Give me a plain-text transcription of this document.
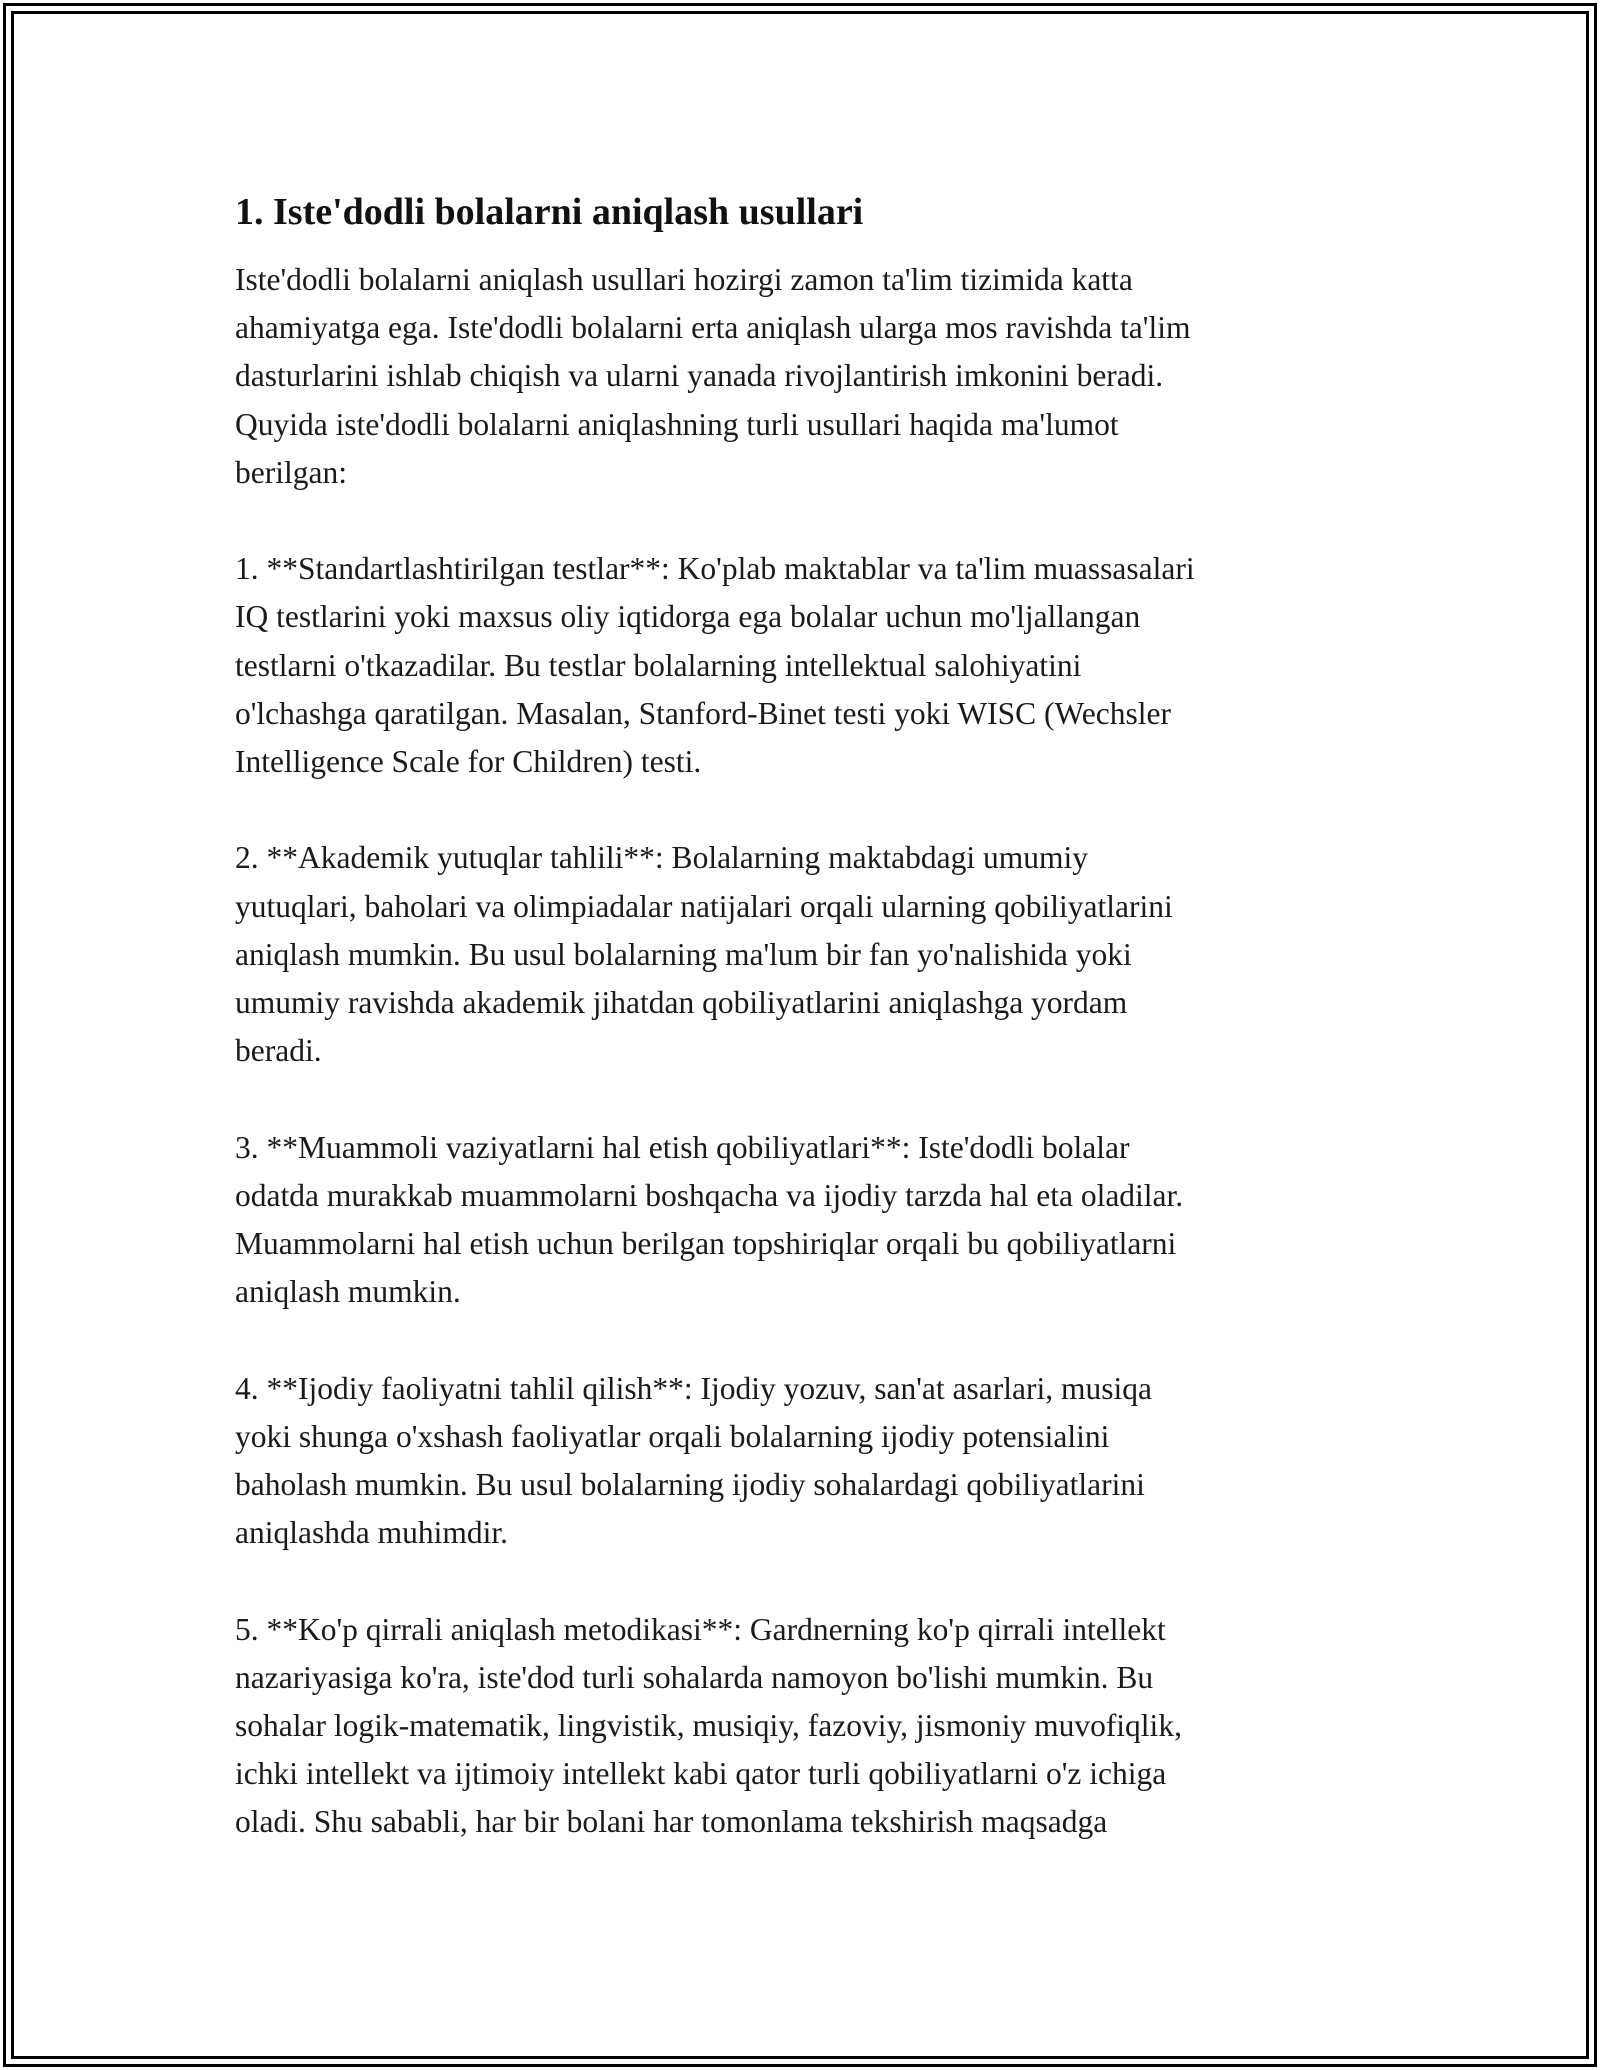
1. Iste'dodli bolalarni aniqlash usullari

Iste'dodli bolalarni aniqlash usullari hozirgi zamon ta'lim tizimida katta
ahamiyatga ega. Iste'dodli bolalarni erta aniqlash ularga mos ravishda ta'lim
dasturlarini ishlab chiqish va ularni yanada rivojlantirish imkonini beradi.
Quyida iste'dodli bolalarni aniqlashning turli usullari haqida ma'lumot
berilgan:

1. **Standartlashtirilgan testlar**: Ko'plab maktablar va ta'lim muassasalari
IQ testlarini yoki maxsus oliy iqtidorga ega bolalar uchun mo'ljallangan
testlarni o'tkazadilar. Bu testlar bolalarning intellektual salohiyatini
o'lchashga qaratilgan. Masalan, Stanford-Binet testi yoki WISC (Wechsler
Intelligence Scale for Children) testi.

2. **Akademik yutuqlar tahlili**: Bolalarning maktabdagi umumiy
yutuqlari, baholari va olimpiadalar natijalari orqali ularning qobiliyatlarini
aniqlash mumkin. Bu usul bolalarning ma'lum bir fan yo'nalishida yoki
umumiy ravishda akademik jihatdan qobiliyatlarini aniqlashga yordam
beradi.

3. **Muammoli vaziyatlarni hal etish qobiliyatlari**: Iste'dodli bolalar
odatda murakkab muammolarni boshqacha va ijodiy tarzda hal eta oladilar.
Muammolarni hal etish uchun berilgan topshiriqlar orqali bu qobiliyatlarni
aniqlash mumkin.

4. **Ijodiy faoliyatni tahlil qilish**: Ijodiy yozuv, san'at asarlari, musiqa
yoki shunga o'xshash faoliyatlar orqali bolalarning ijodiy potensialini
baholash mumkin. Bu usul bolalarning ijodiy sohalardagi qobiliyatlarini
aniqlashda muhimdir.

5. **Ko'p qirrali aniqlash metodikasi**: Gardnerning ko'p qirrali intellekt
nazariyasiga ko'ra, iste'dod turli sohalarda namoyon bo'lishi mumkin. Bu
sohalar logik-matematik, lingvistik, musiqiy, fazoviy, jismoniy muvofiqlik,
ichki intellekt va ijtimoiy intellekt kabi qator turli qobiliyatlarni o'z ichiga
oladi. Shu sababli, har bir bolani har tomonlama tekshirish maqsadga
